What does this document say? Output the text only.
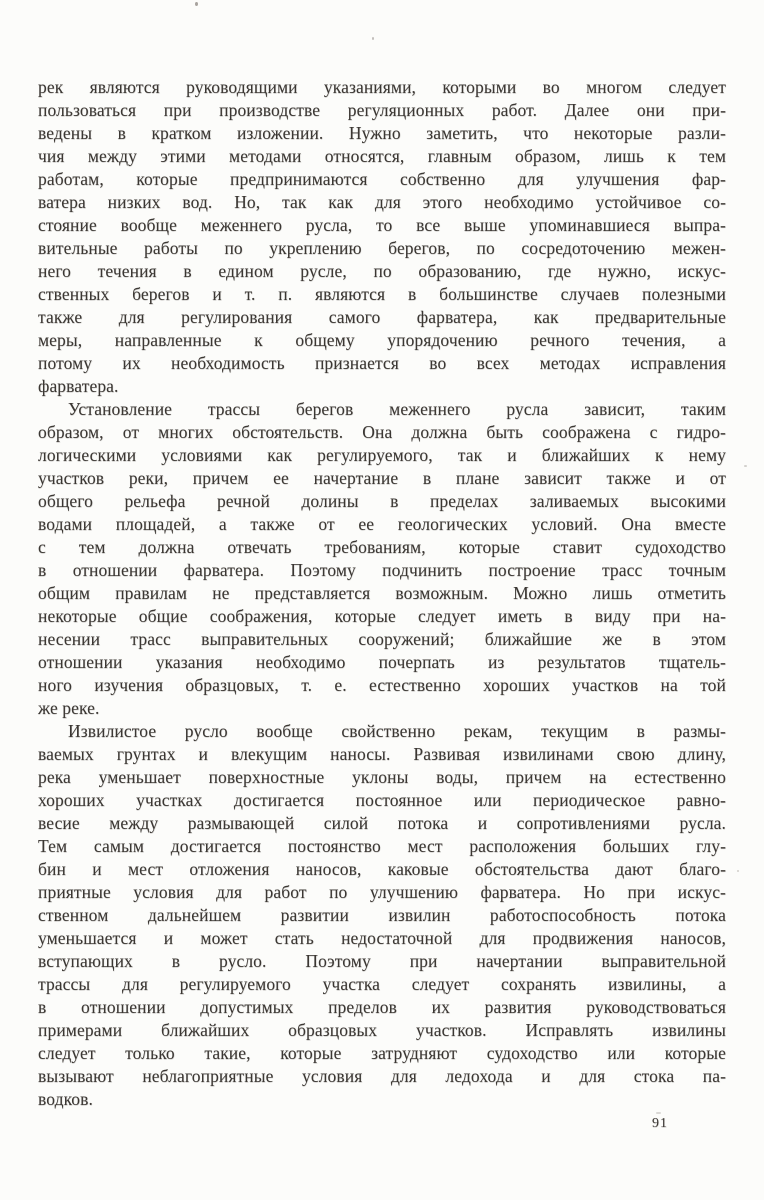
рек являются руководящими указаниями, которыми во многом следует
пользоваться при производстве регуляционных работ. Далее они при-
ведены в кратком изложении. Нужно заметить, что некоторые разли-
чия между этими методами относятся, главным образом, лишь к тем
работам, которые предпринимаются собственно для улучшения фар-
ватера низких вод. Но, так как для этого необходимо устойчивое со-
стояние вообще меженнего русла, то все выше упоминавшиеся выпра-
вительные работы по укреплению берегов, по сосредоточению межен-
него течения в едином русле, по образованию, где нужно, искус-
ственных берегов и т. п. являются в большинстве случаев полезными
также для регулирования самого фарватера, как предварительные
меры, направленные к общему упорядочению речного течения, а
потому их необходимость признается во всех методах исправления
фарватера.
Установление трассы берегов меженнего русла зависит, таким
образом, от многих обстоятельств. Она должна быть соображена с гидро-
логическими условиями как регулируемого, так и ближайших к нему
участков реки, причем ее начертание в плане зависит также и от
общего рельефа речной долины в пределах заливаемых высокими
водами площадей, а также от ее геологических условий. Она вместе
с тем должна отвечать требованиям, которые ставит судоходство
в отношении фарватера. Поэтому подчинить построение трасс точным
общим правилам не представляется возможным. Можно лишь отметить
некоторые общие соображения, которые следует иметь в виду при на-
несении трасс выправительных сооружений; ближайшие же в этом
отношении указания необходимо почерпать из результатов тщатель-
ного изучения образцовых, т. е. естественно хороших участков на той
же реке.
Извилистое русло вообще свойственно рекам, текущим в размы-
ваемых грунтах и влекущим наносы. Развивая извилинами свою длину,
река уменьшает поверхностные уклоны воды, причем на естественно
хороших участках достигается постоянное или периодическое равно-
весие между размывающей силой потока и сопротивлениями русла.
Тем самым достигается постоянство мест расположения больших глу-
бин и мест отложения наносов, каковые обстоятельства дают благо-
приятные условия для работ по улучшению фарватера. Но при искус-
ственном дальнейшем развитии извилин работоспособность потока
уменьшается и может стать недостаточной для продвижения наносов,
вступающих в русло. Поэтому при начертании выправительной
трассы для регулируемого участка следует сохранять извилины, а
в отношении допустимых пределов их развития руководствоваться
примерами ближайших образцовых участков. Исправлять извилины
следует только такие, которые затрудняют судоходство или которые
вызывают неблагоприятные условия для ледохода и для стока па-
водков.
91
